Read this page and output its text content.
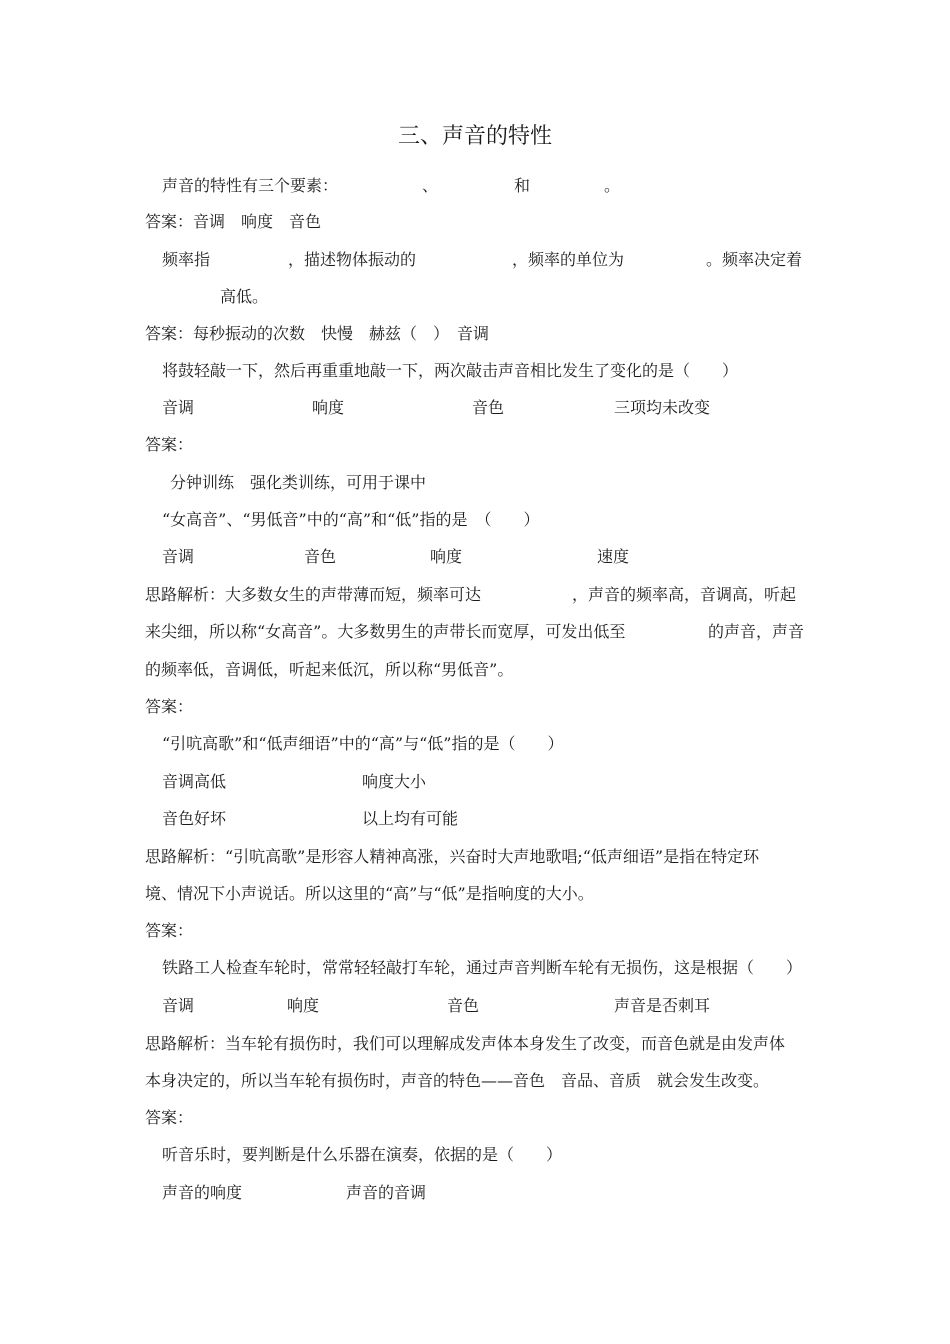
三、声音的特性
声音的特性有三个要素：	、	和	。
答案：音调　响度　音色
频率指	，描述物体振动的	，频率的单位为	。频率决定着
高低。
答案：每秒振动的次数　快慢　赫兹（　）　音调
将鼓轻敲一下，然后再重重地敲一下，两次敲击声音相比发生了变化的是（　　）
音调	响度	音色	三项均未改变
答案：
分钟训练　强化类训练，可用于课中
“女高音”、“男低音”中的“高”和“低”指的是　（　　）
音调	音色	响度	速度
思路解析：大多数女生的声带薄而短，频率可达	，声音的频率高，音调高，听起
来尖细，所以称“女高音”。大多数男生的声带长而宽厚，可发出低至	的声音，声音
的频率低，音调低，听起来低沉，所以称“男低音”。
答案：
“引吭高歌”和“低声细语”中的“高”与“低”指的是（　　）
音调高低	响度大小
音色好坏	以上均有可能
思路解析：“引吭高歌”是形容人精神高涨，兴奋时大声地歌唱;“低声细语”是指在特定环
境、情况下小声说话。所以这里的“高”与“低”是指响度的大小。
答案：
铁路工人检查车轮时，常常轻轻敲打车轮，通过声音判断车轮有无损伤，这是根据（　　）
音调	响度	音色	声音是否刺耳
思路解析：当车轮有损伤时，我们可以理解成发声体本身发生了改变，而音色就是由发声体
本身决定的，所以当车轮有损伤时，声音的特色——音色　音品、音质　就会发生改变。
答案：
听音乐时，要判断是什么乐器在演奏，依据的是（　　）
声音的响度	声音的音调
